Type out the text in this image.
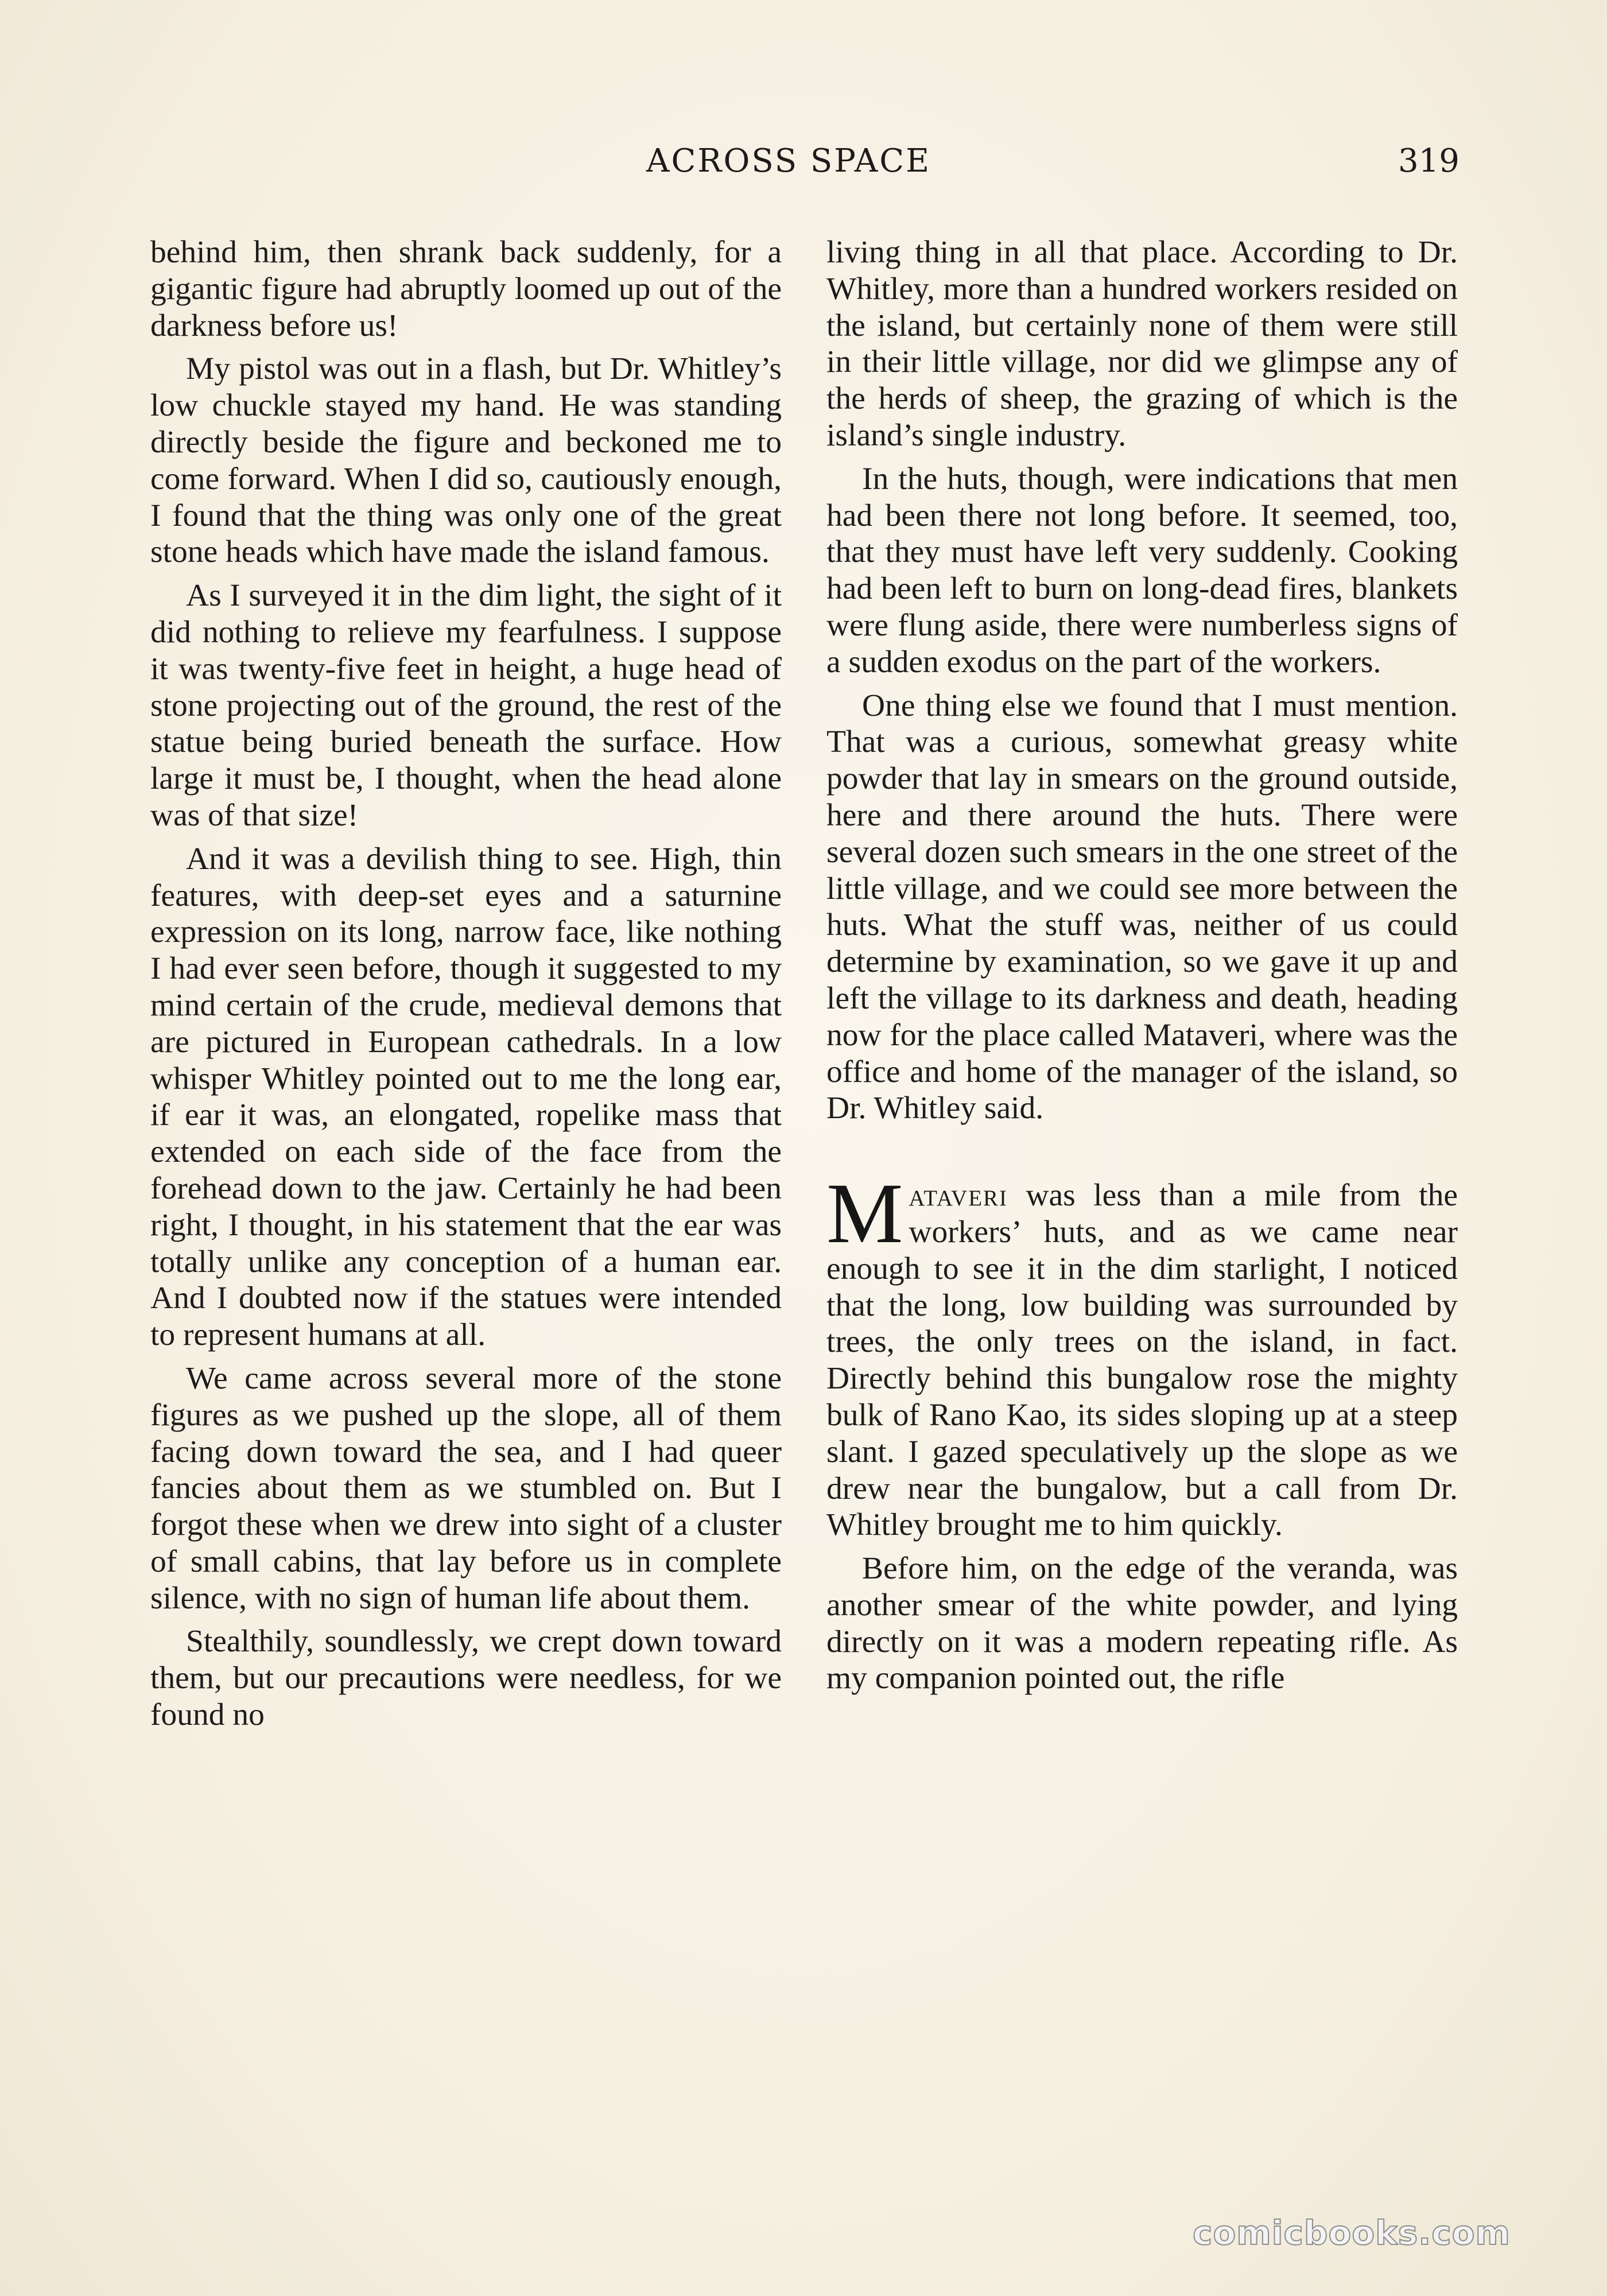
ACROSS SPACE	319

behind him, then shrank back suddenly, for a gigantic figure had abruptly loomed up out of the darkness before us!

My pistol was out in a flash, but Dr. Whitley’s low chuckle stayed my hand. He was standing directly beside the figure and beckoned me to come forward. When I did so, cautiously enough, I found that the thing was only one of the great stone heads which have made the island famous.

As I surveyed it in the dim light, the sight of it did nothing to relieve my fearfulness. I suppose it was twenty-five feet in height, a huge head of stone projecting out of the ground, the rest of the statue being buried beneath the surface. How large it must be, I thought, when the head alone was of that size!

And it was a devilish thing to see. High, thin features, with deep-set eyes and a saturnine expression on its long, narrow face, like nothing I had ever seen before, though it suggested to my mind certain of the crude, medieval demons that are pictured in European cathedrals. In a low whisper Whitley pointed out to me the long ear, if ear it was, an elongated, ropelike mass that extended on each side of the face from the forehead down to the jaw. Certainly he had been right, I thought, in his statement that the ear was totally unlike any conception of a human ear. And I doubted now if the statues were intended to represent humans at all.

We came across several more of the stone figures as we pushed up the slope, all of them facing down toward the sea, and I had queer fancies about them as we stumbled on. But I forgot these when we drew into sight of a cluster of small cabins, that lay before us in complete silence, with no sign of human life about them.

Stealthily, soundlessly, we crept down toward them, but our precautions were needless, for we found no

living thing in all that place. According to Dr. Whitley, more than a hundred workers resided on the island, but certainly none of them were still in their little village, nor did we glimpse any of the herds of sheep, the grazing of which is the island’s single industry.

In the huts, though, were indications that men had been there not long before. It seemed, too, that they must have left very suddenly. Cooking had been left to burn on long-dead fires, blankets were flung aside, there were numberless signs of a sudden exodus on the part of the workers.

One thing else we found that I must mention. That was a curious, somewhat greasy white powder that lay in smears on the ground outside, here and there around the huts. There were several dozen such smears in the one street of the little village, and we could see more between the huts. What the stuff was, neither of us could determine by examination, so we gave it up and left the village to its darkness and death, heading now for the place called Mataveri, where was the office and home of the manager of the island, so Dr. Whitley said.

Mataveri was less than a mile from the workers’ huts, and as we came near enough to see it in the dim starlight, I noticed that the long, low building was surrounded by trees, the only trees on the island, in fact. Directly behind this bungalow rose the mighty bulk of Rano Kao, its sides sloping up at a steep slant. I gazed speculatively up the slope as we drew near the bungalow, but a call from Dr. Whitley brought me to him quickly.

Before him, on the edge of the veranda, was another smear of the white powder, and lying directly on it was a modern repeating rifle. As my companion pointed out, the rifle

comicbooks.com
